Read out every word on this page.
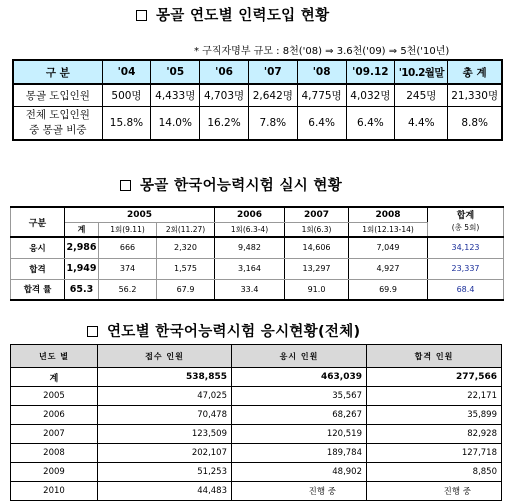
몽골 연도별 인력도입 현황
* 구직자명부 규모 : 8천('08) ⇒ 3.6천('09) ⇒ 5천('10년)
구 분	'04	'05	'06	'07	'08	'09.12	'10.2월말	총 계
몽골 도입인원	500명	4,433명	4,703명	2,642명	4,775명	4,032명	245명	21,330명

전체 도입인원
중 몽골 비중	15.8%	14.0%	16.2%	7.8%	6.4%	6.4%	4.4%	8.8%
몽골 한국어능력시험 실시 현황
구분	2005			2006	2007	2008	합계
(총 5회)

	계	1회(9.11)	2회(11.27)	1회(6.3-4)	1회(6.3)	1회(12.13-14)	
응시	2,986	666	2,320	9,482	14,606	7,049	34,123
합격	1,949	374	1,575	3,164	13,297	4,927	23,337
합격 률	65.3	56.2	67.9	33.4	91.0	69.9	68.4
연도별 한국어능력시험 응시현황(전체)
년도 별	접수 인원	응시 인원	합격 인원
계	538,855	463,039	277,566
2005	47,025	35,567	22,171
2006	70,478	68,267	35,899
2007	123,509	120,519	82,928
2008	202,107	189,784	127,718
2009	51,253	48,902	8,850
2010	44,483	진행 중	진행 중
